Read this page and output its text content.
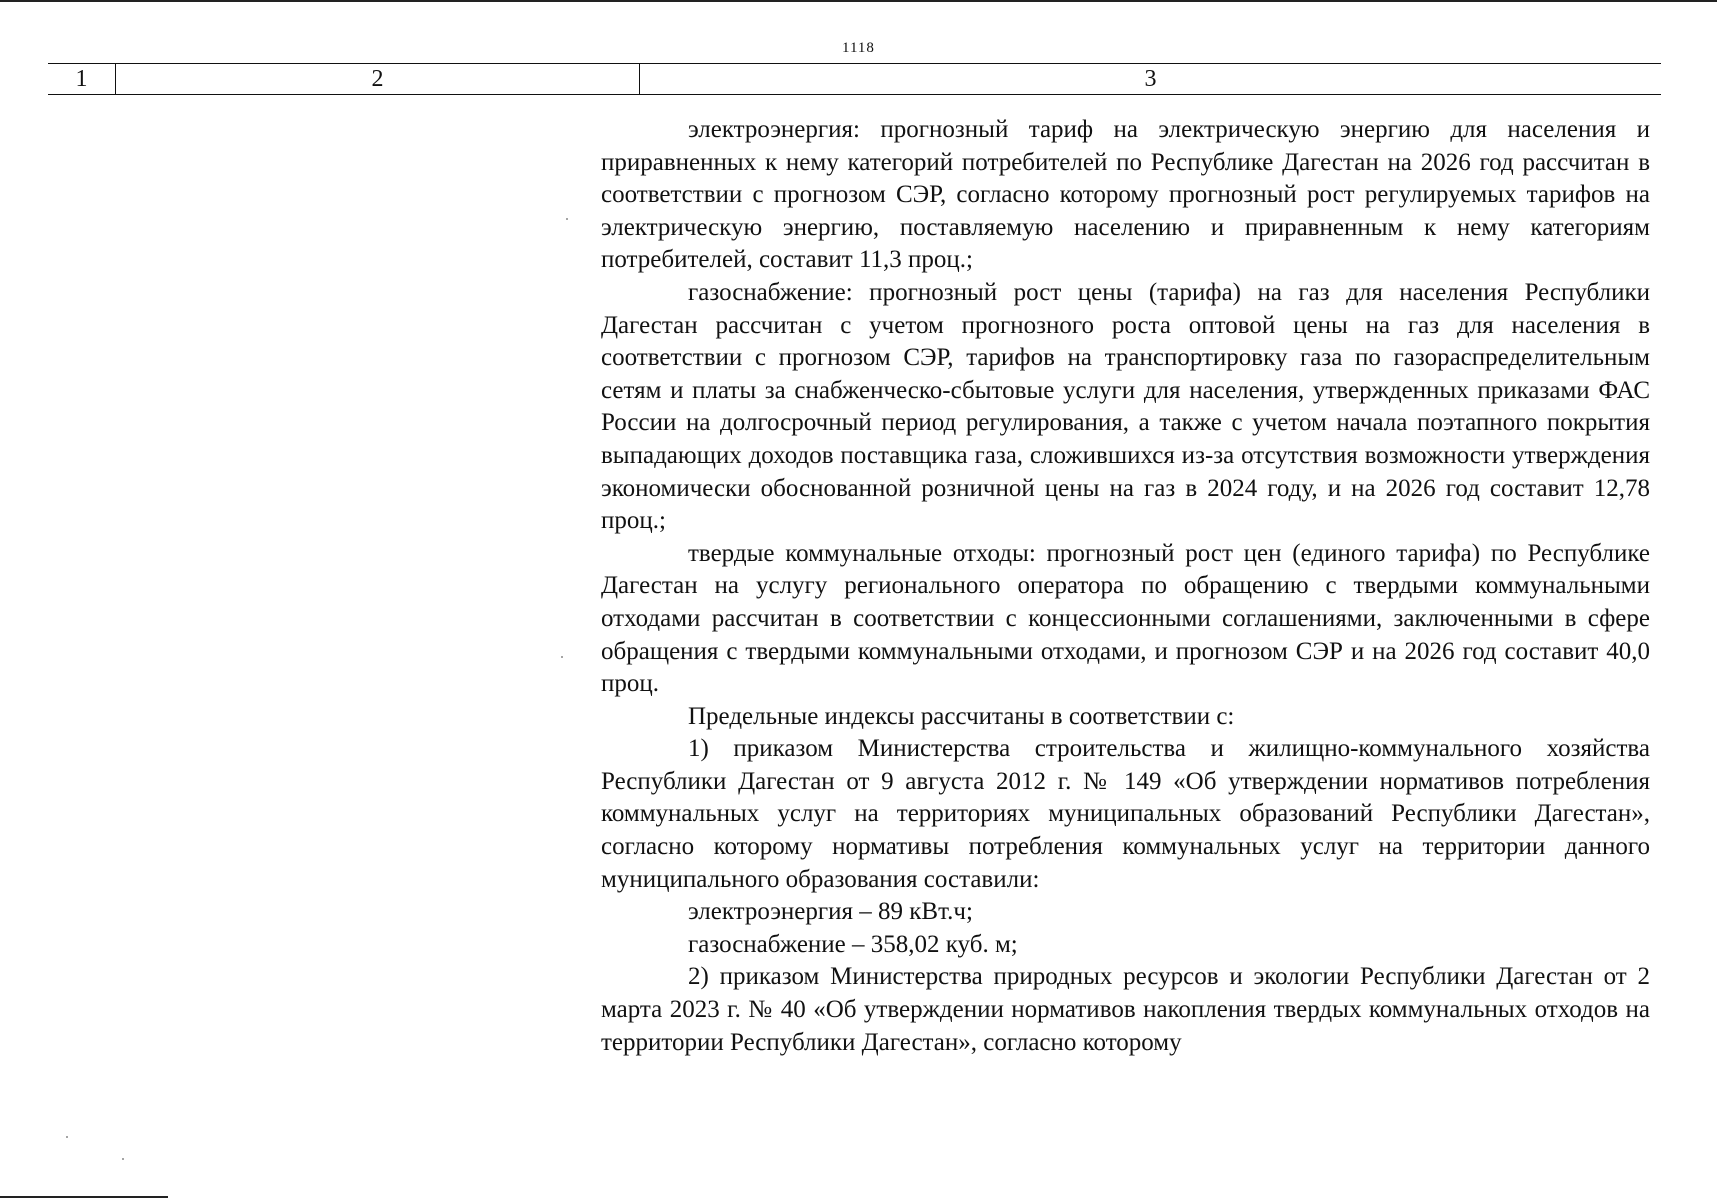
1118
1	2	3

электроэнергия: прогнозный тариф на электрическую энергию для населения и приравненных к нему категорий потребителей по Республике Дагестан на 2026 год рассчитан в соответствии с прогнозом СЭР, согласно которому прогнозный рост регулируемых тарифов на электрическую энергию, поставляемую населению и приравненным к нему категориям потребителей, составит 11,3 проц.;

газоснабжение: прогнозный рост цены (тарифа) на газ для населения Республики Дагестан рассчитан с учетом прогнозного роста оптовой цены на газ для населения в соответствии с прогнозом СЭР, тарифов на транспортировку газа по газораспределительным сетям и платы за снабженческо-сбытовые услуги для населения, утвержденных приказами ФАС России на долгосрочный период регулирования, а также с учетом начала поэтапного покрытия выпадающих доходов поставщика газа, сложившихся из-за отсутствия возможности утверждения экономически обоснованной розничной цены на газ в 2024 году, и на 2026 год составит 12,78 проц.;

твердые коммунальные отходы: прогнозный рост цен (единого тарифа) по Республике Дагестан на услугу регионального оператора по обращению с твердыми коммунальными отходами рассчитан в соответствии с концессионными соглашениями, заключенными в сфере обращения с твердыми коммунальными отходами, и прогнозом СЭР и на 2026 год составит 40,0 проц.

Предельные индексы рассчитаны в соответствии с:

1) приказом Министерства строительства и жилищно-коммунального хозяйства Республики Дагестан от 9 августа 2012 г. № 149 «Об утверждении нормативов потребления коммунальных услуг на территориях муниципальных образований Республики Дагестан», согласно которому нормативы потребления коммунальных услуг на территории данного муниципального образования составили:

электроэнергия – 89 кВт.ч;

газоснабжение – 358,02 куб. м;

2) приказом Министерства природных ресурсов и экологии Республики Дагестан от 2 марта 2023 г. № 40 «Об утверждении нормативов накопления твердых коммунальных отходов на территории Республики Дагестан», согласно которому
